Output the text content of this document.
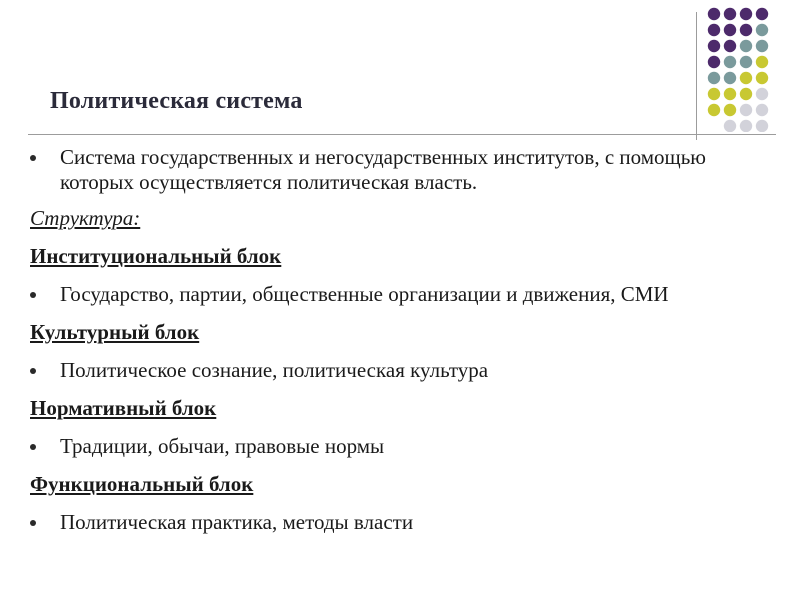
Политическая система
Система государственных и негосударственных институтов, с помощью которых осуществляется политическая власть.
Структура:
Институциональный блок
Государство, партии, общественные организации и движения, СМИ
Культурный блок
Политическое сознание, политическая культура
Нормативный блок
Традиции, обычаи, правовые нормы
Функциональный блок
Политическая практика, методы власти
